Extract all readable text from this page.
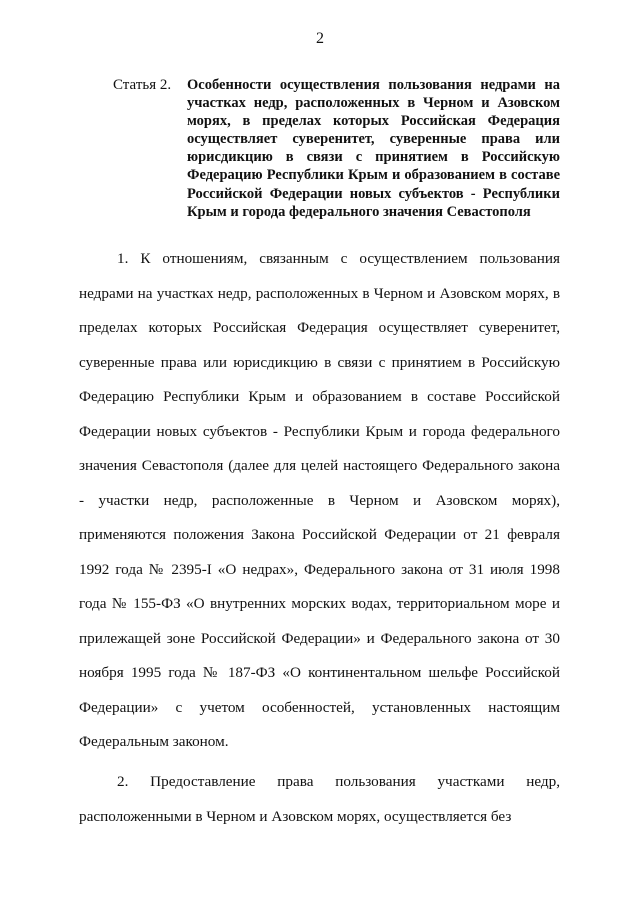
2
Статья 2. Особенности осуществления пользования недрами на участках недр, расположенных в Черном и Азовском морях, в пределах которых Российская Федерация осуществляет суверенитет, суверенные права или юрисдикцию в связи с принятием в Российскую Федерацию Республики Крым и образованием в составе Российской Федерации новых субъектов - Республики Крым и города федерального значения Севастополя

1. К отношениям, связанным с осуществлением пользования недрами на участках недр, расположенных в Черном и Азовском морях, в пределах которых Российская Федерация осуществляет суверенитет, суверенные права или юрисдикцию в связи с принятием в Российскую Федерацию Республики Крым и образованием в составе Российской Федерации новых субъектов - Республики Крым и города федерального значения Севастополя (далее для целей настоящего Федерального закона - участки недр, расположенные в Черном и Азовском морях), применяются положения Закона Российской Федерации от 21 февраля 1992 года № 2395-I «О недрах», Федерального закона от 31 июля 1998 года № 155-ФЗ «О внутренних морских водах, территориальном море и прилежащей зоне Российской Федерации» и Федерального закона от 30 ноября 1995 года № 187-ФЗ «О континентальном шельфе Российской Федерации» с учетом особенностей, установленных настоящим Федеральным законом.

2. Предоставление права пользования участками недр, расположенными в Черном и Азовском морях, осуществляется без
